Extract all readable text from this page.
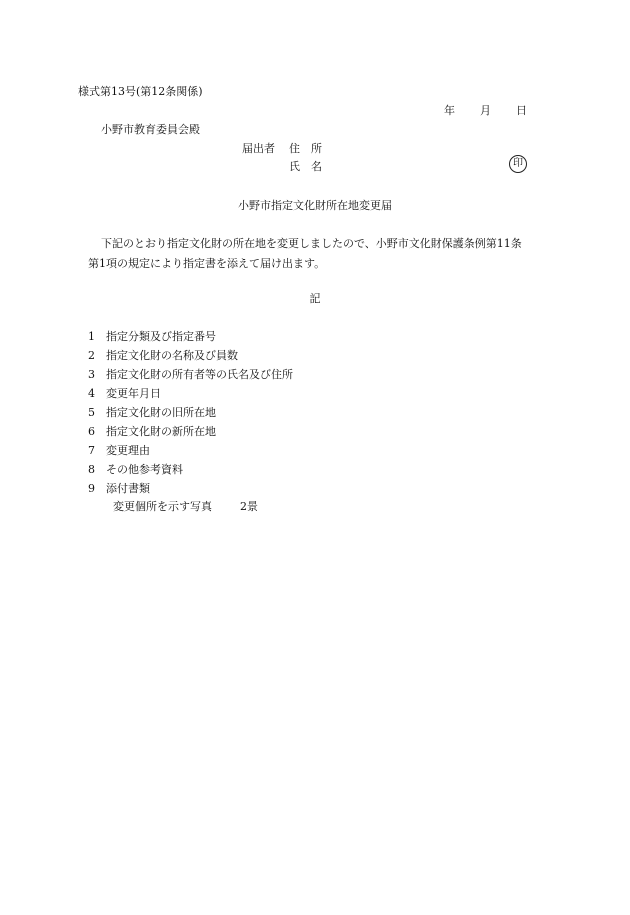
様式第13号(第12条関係)
年 月 日
小野市教育委員会殿
届出者 住　所
氏　名	印
小野市指定文化財所在地変更届
下記のとおり指定文化財の所在地を変更しましたので、小野市文化財保護条例第11条
第1項の規定により指定書を添えて届け出ます。
記
1	指定分類及び指定番号
2	指定文化財の名称及び員数
3	指定文化財の所有者等の氏名及び住所
4	変更年月日
5	指定文化財の旧所在地
6	指定文化財の新所在地
7	変更理由
8	その他参考資料
9	添付書類
変更個所を示す写真	2景
